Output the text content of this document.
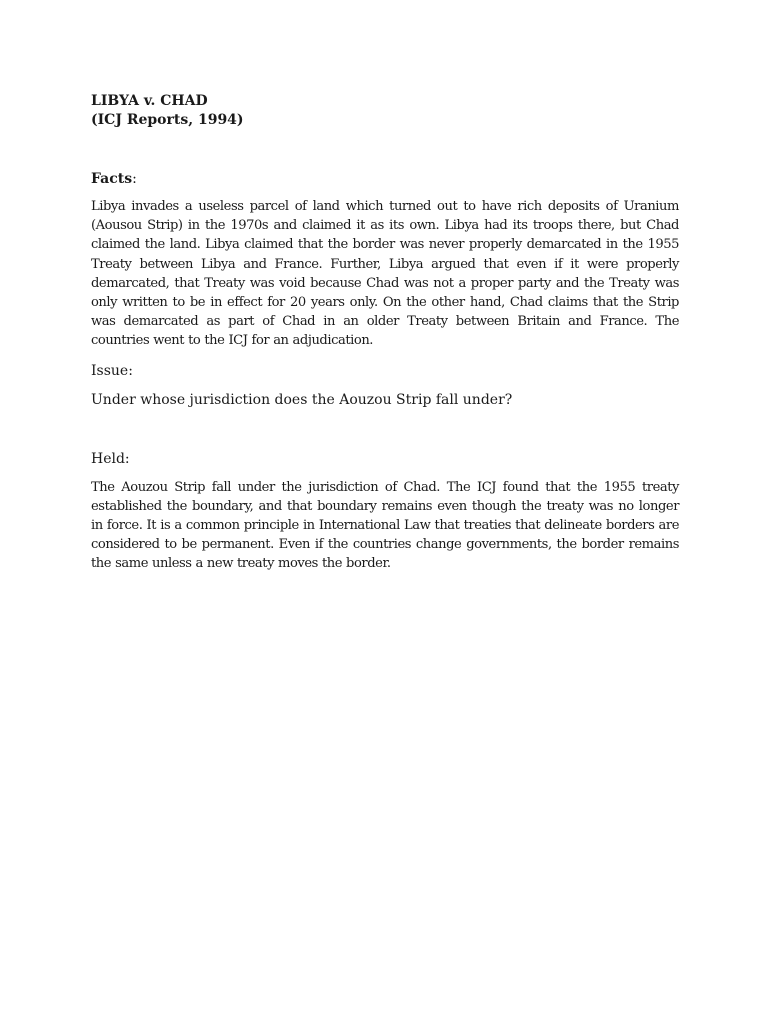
LIBYA v. CHAD

(ICJ Reports, 1994)

Facts:

Libya invades a useless parcel of land which turned out to have rich deposits of Uranium (Aousou Strip) in the 1970s and claimed it as its own. Libya had its troops there, but Chad claimed the land. Libya claimed that the border was never properly demarcated in the 1955 Treaty between Libya and France. Further, Libya argued that even if it were properly demarcated, that Treaty was void because Chad was not a proper party and the Treaty was only written to be in effect for 20 years only. On the other hand, Chad claims that the Strip was demarcated as part of Chad in an older Treaty between Britain and France. The countries went to the ICJ for an adjudication.

Issue:

Under whose jurisdiction does the Aouzou Strip fall under?

Held:

The Aouzou Strip fall under the jurisdiction of Chad. The ICJ found that the 1955 treaty established the boundary, and that boundary remains even though the treaty was no longer in force. It is a common principle in International Law that treaties that delineate borders are considered to be permanent. Even if the countries change governments, the border remains the same unless a new treaty moves the border.
